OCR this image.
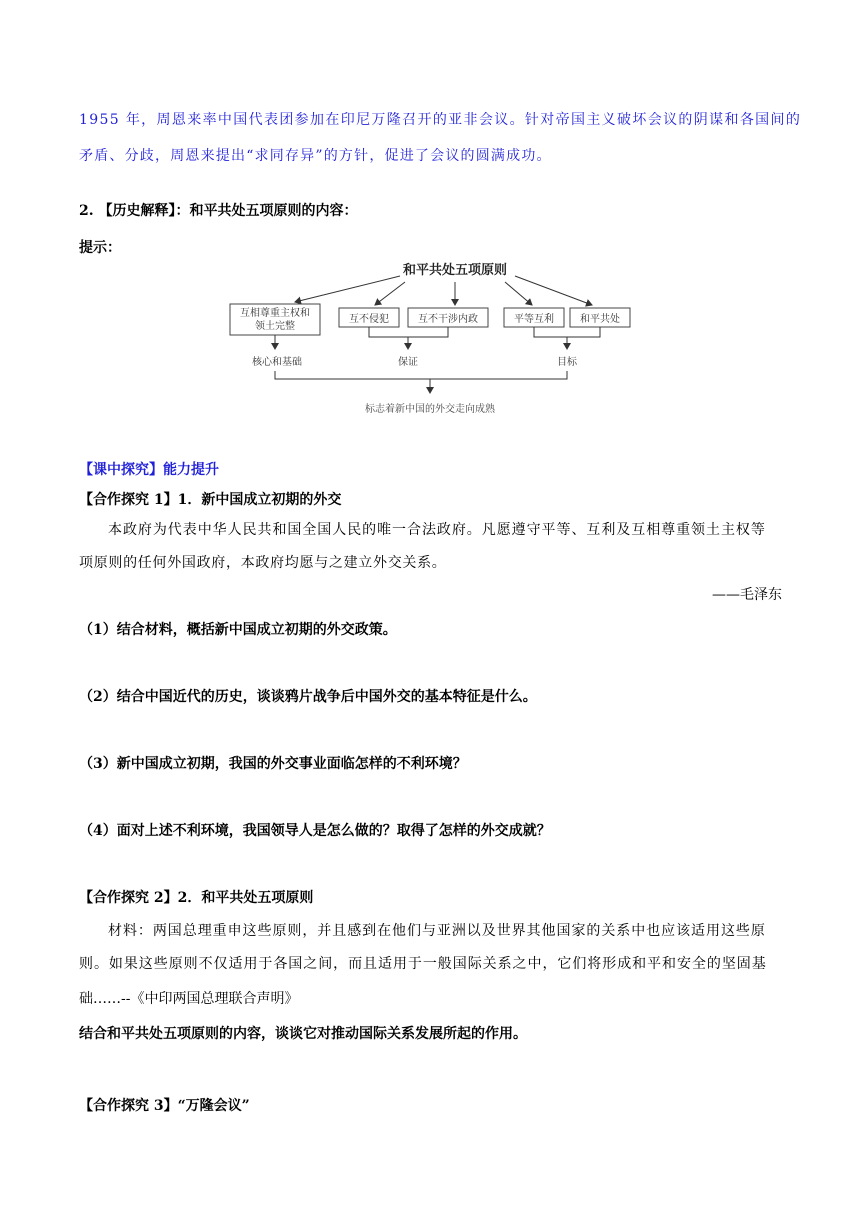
1955 年，周恩来率中国代表团参加在印尼万隆召开的亚非会议。针对帝国主义破坏会议的阴谋和各国间的
矛盾、分歧，周恩来提出“求同存异”的方针，促进了会议的圆满成功。
2. 【历史解释】：和平共处五项原则的内容：
提示：
和平共处五项原则
互相尊重主权和
领土完整
互不侵犯	互不干涉内政	平等互利	和平共处
核心和基础	保证	目标
标志着新中国的外交走向成熟
【课中探究】能力提升
【合作探究 1】1．新中国成立初期的外交
本政府为代表中华人民共和国全国人民的唯一合法政府。凡愿遵守平等、互利及互相尊重领土主权等
项原则的任何外国政府，本政府均愿与之建立外交关系。
——毛泽东
（1）结合材料，概括新中国成立初期的外交政策。
（2）结合中国近代的历史，谈谈鸦片战争后中国外交的基本特征是什么。
（3）新中国成立初期，我国的外交事业面临怎样的不利环境？
（4）面对上述不利环境，我国领导人是怎么做的？取得了怎样的外交成就？
【合作探究 2】2．和平共处五项原则
材料：两国总理重申这些原则，并且感到在他们与亚洲以及世界其他国家的关系中也应该适用这些原
则。如果这些原则不仅适用于各国之间，而且适用于一般国际关系之中，它们将形成和平和安全的坚固基
础……--《中印两国总理联合声明》
结合和平共处五项原则的内容，谈谈它对推动国际关系发展所起的作用。
【合作探究 3】“万隆会议”
